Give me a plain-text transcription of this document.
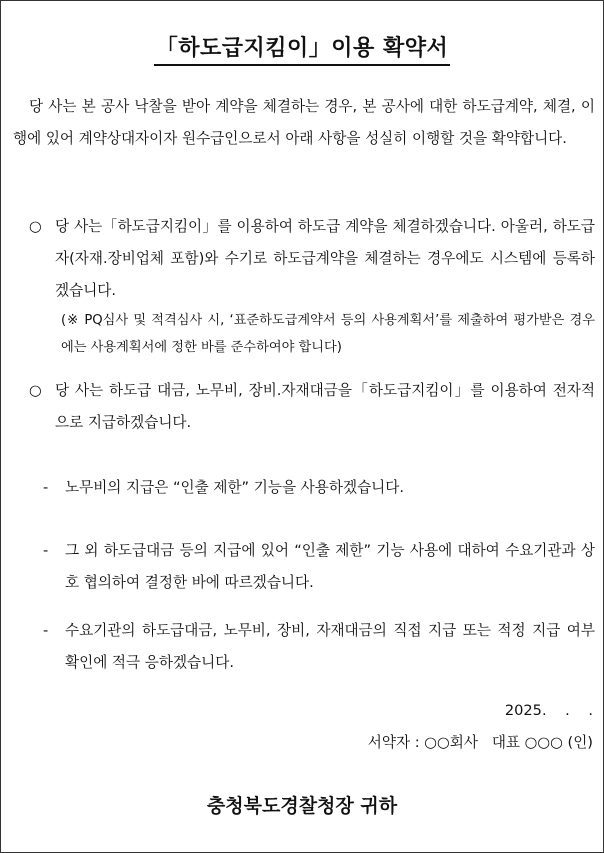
「하도급지킴이」이용 확약서

당 사는 본 공사 낙찰을 받아 계약을 체결하는 경우, 본 공사에 대한 하도급계약, 체결, 이행에 있어 계약상대자이자 원수급인으로서 아래 사항을 성실히 이행할 것을 확약합니다.

○ 당 사는「하도급지킴이」를 이용하여 하도급 계약을 체결하겠습니다. 아울러, 하도급자(자재.장비업체 포함)와 수기로 하도급계약을 체결하는 경우에도 시스템에 등록하겠습니다.
(※ PQ심사 및 적격심사 시, ‘표준하도급계약서 등의 사용계획서’를 제출하여 평가받은 경우에는 사용계획서에 정한 바를 준수하여야 합니다)
○ 당 사는 하도급 대금, 노무비, 장비.자재대금을「하도급지킴이」를 이용하여 전자적으로 지급하겠습니다.
-	노무비의 지급은 “인출 제한” 기능을 사용하겠습니다.
-	그 외 하도급대금 등의 지급에 있어 “인출 제한” 기능 사용에 대하여 수요기관과 상호 협의하여 결정한 바에 따르겠습니다.
-	수요기관의 하도급대금, 노무비, 장비, 자재대금의 직접 지급 또는 적정 지급 여부 확인에 적극 응하겠습니다.
2025.    .    .
서약자 : ○○회사   대표 ○○○ (인)
충청북도경찰청장 귀하
